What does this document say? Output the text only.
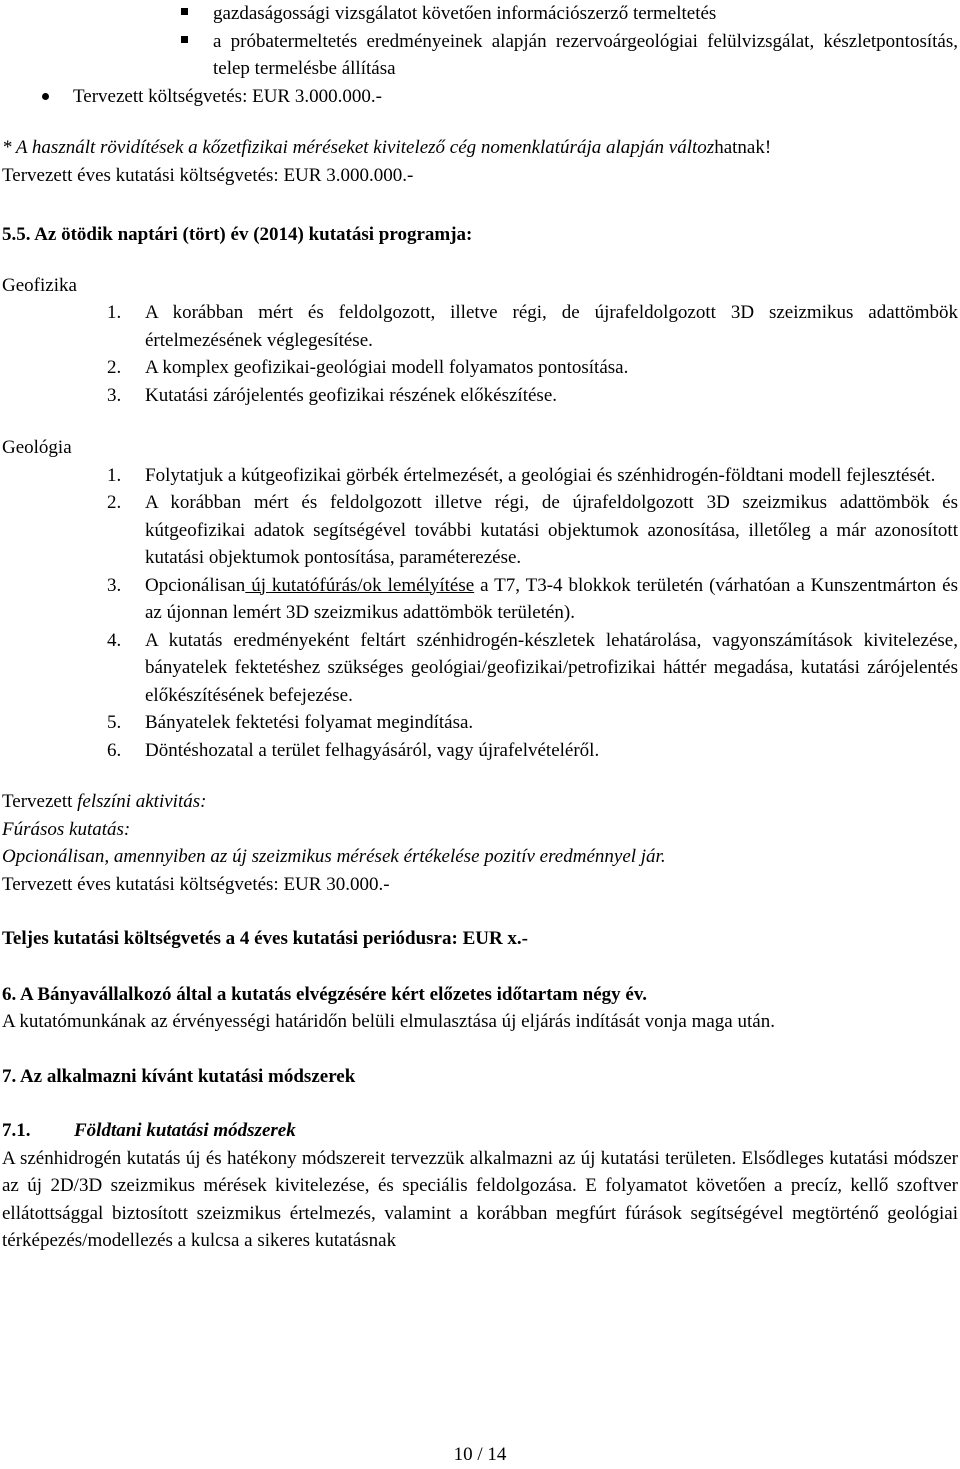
gazdaságossági vizsgálatot követően információszerző termeltetés
a próbatermeltetés eredményeinek alapján rezervoárgeológiai felülvizsgálat, készletpontosítás, telep termelésbe állítása
Tervezett költségvetés: EUR 3.000.000.-
* A használt rövidítések a kőzetfizikai méréseket kivitelező cég nomenklatúrája alapján változhatnak!
Tervezett éves kutatási költségvetés: EUR 3.000.000.-
5.5. Az ötödik naptári (tört) év (2014) kutatási programja:
Geofizika
1. A korábban mért és feldolgozott, illetve régi, de újrafeldolgozott 3D szeizmikus adattömbök értelmezésének véglegesítése.
2. A komplex geofizikai-geológiai modell folyamatos pontosítása.
3. Kutatási zárójelentés geofizikai részének előkészítése.
Geológia
1. Folytatjuk a kútgeofizikai görbék értelmezését, a geológiai és szénhidrogén-földtani modell fejlesztését.
2. A korábban mért és feldolgozott illetve régi, de újrafeldolgozott 3D szeizmikus adattömbök és kútgeofizikai adatok segítségével további kutatási objektumok azonosítása, illetőleg a már azonosított kutatási objektumok pontosítása, paraméterezése.
3. Opcionálisan új kutatófúrás/ok lemélyítése a T7, T3-4 blokkok területén (várhatóan a Kunszentmárton és az újonnan lemért 3D szeizmikus adattömbök területén).
4. A kutatás eredményeként feltárt szénhidrogén-készletek lehatárolása, vagyonszámítások kivitelezése, bányatelek fektetéshez szükséges geológiai/geofizikai/petrofizikai háttér megadása, kutatási zárójelentés előkészítésének befejezése.
5. Bányatelek fektetési folyamat megindítása.
6. Döntéshozatal a terület felhagyásáról, vagy újrafelvételéről.
Tervezett felszíni aktivitás:
Fúrásos kutatás:
Opcionálisan, amennyiben az új szeizmikus mérések értékelése pozitív eredménnyel jár.
Tervezett éves kutatási költségvetés: EUR 30.000.-
Teljes kutatási költségvetés a 4 éves kutatási periódusra: EUR x.-
6. A Bányavállalkozó által a kutatás elvégzésére kért előzetes időtartam négy év.
A kutatómunkának az érvényességi határidőn belüli elmulasztása új eljárás indítását vonja maga után.
7. Az alkalmazni kívánt kutatási módszerek
7.1. Földtani kutatási módszerek
A szénhidrogén kutatás új és hatékony módszereit tervezzük alkalmazni az új kutatási területen. Elsődleges kutatási módszer az új 2D/3D szeizmikus mérések kivitelezése, és speciális feldolgozása. E folyamatot követően a precíz, kellő szoftver ellátottsággal biztosított szeizmikus értelmezés, valamint a korábban megfúrt fúrások segítségével megtörténő geológiai térképezés/modellezés a kulcsa a sikeres kutatásnak
10 / 14
